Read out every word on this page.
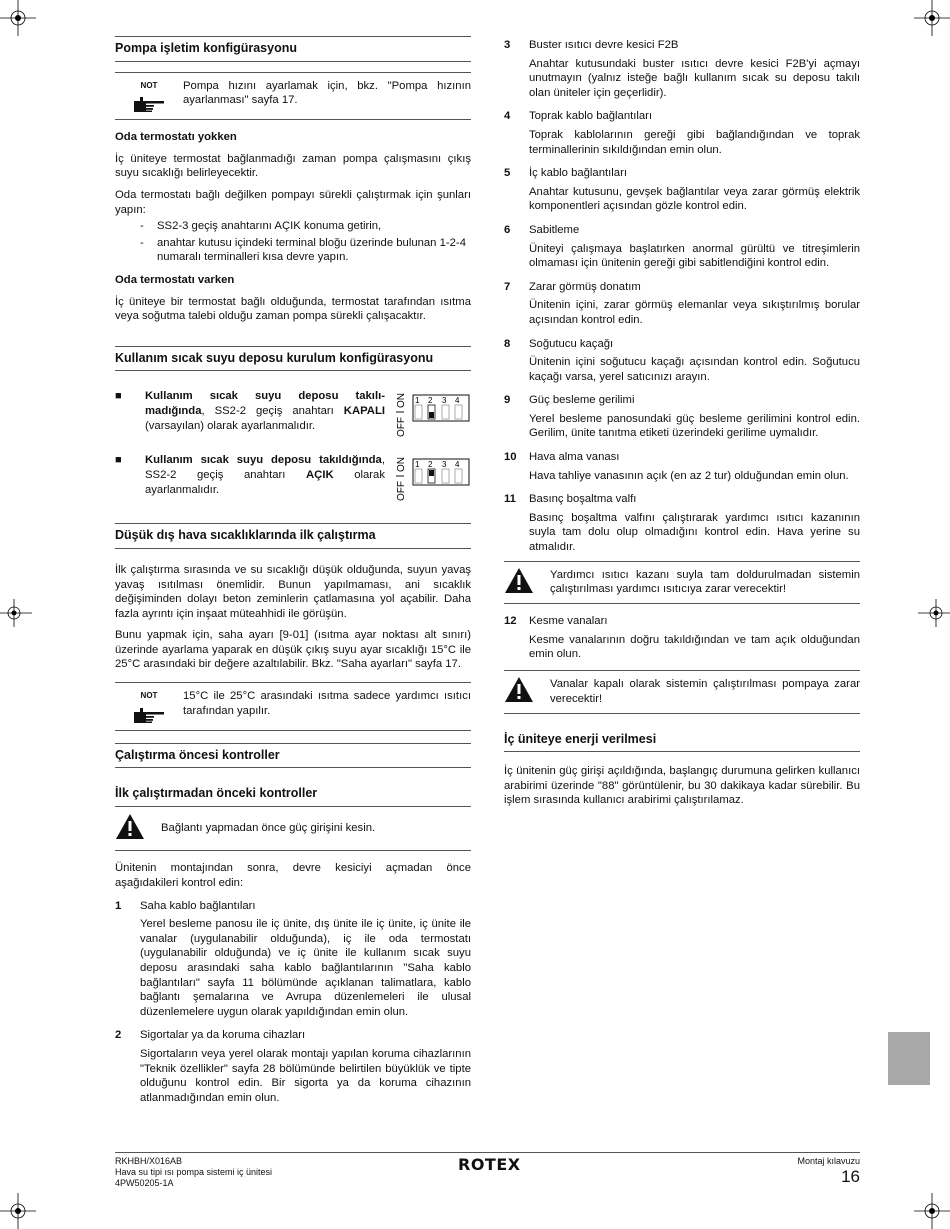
Pompa işletim konfigürasyonu
NOT	Pompa hızını ayarlamak için, bkz. "Pompa hızının ayarlanması" sayfa 17.
Oda termostatı yokken

İç üniteye termostat bağlanmadığı zaman pompa çalışmasını çıkış suyu sıcaklığı belirleyecektir.

Oda termostatı bağlı değilken pompayı sürekli çalıştırmak için şunları yapın:

-	SS2-3 geçiş anahtarını AÇIK konuma getirin,
-	anahtar kutusu içindeki terminal bloğu üzerinde bulunan 1-2-4 numaralı terminalleri kısa devre yapın.
Oda termostatı varken

İç üniteye bir termostat bağlı olduğunda, termostat tarafından ısıtma veya soğutma talebi olduğu zaman pompa sürekli çalışacaktır.

Kullanım sıcak suyu deposu kurulum konfigürasyonu
■	Kullanım sıcak suyu deposu takılı-madığında, SS2-2 geçiş anahtarı KAPALI (varsayılan) olarak ayarlanmalıdır.
ON
OFF
1 2 3 4
■	Kullanım sıcak suyu deposu takıldığında, SS2-2 geçiş anahtarı AÇIK olarak ayarlanmalıdır.
ON
OFF
1 2 3 4
Düşük dış hava sıcaklıklarında ilk çalıştırma

İlk çalıştırma sırasında ve su sıcaklığı düşük olduğunda, suyun yavaş yavaş ısıtılması önemlidir. Bunun yapılmaması, ani sıcaklık değişiminden dolayı beton zeminlerin çatlamasına yol açabilir. Daha fazla ayrıntı için inşaat müteahhidi ile görüşün.

Bunu yapmak için, saha ayarı [9-01] (ısıtma ayar noktası alt sınırı) üzerinde ayarlama yaparak en düşük çıkış suyu ayar sıcaklığı 15°C ile 25°C arasındaki bir değere azaltılabilir. Bkz. "Saha ayarları" sayfa 17.

NOT	15°C ile 25°C arasındaki ısıtma sadece yardımcı ısıtıcı tarafından yapılır.
Çalıştırma öncesi kontroller
İlk çalıştırmadan önceki kontroller
Bağlantı yapmadan önce güç girişini kesin.

Ünitenin montajından sonra, devre kesiciyi açmadan önce aşağıdakileri kontrol edin:

1	Saha kablo bağlantıları
Yerel besleme panosu ile iç ünite, dış ünite ile iç ünite, iç ünite ile vanalar (uygulanabilir olduğunda), iç ile oda termostatı (uygulanabilir olduğunda) ve iç ünite ile kullanım sıcak suyu deposu arasındaki saha kablo bağlantılarının "Saha kablo bağlantıları" sayfa 11 bölümünde açıklanan talimatlara, kablo bağlantı şemalarına ve Avrupa düzenlemeleri ile ulusal düzenlemelere uygun olarak yapıldığından emin olun.
2	Sigortalar ya da koruma cihazları
Sigortaların veya yerel olarak montajı yapılan koruma cihazlarının "Teknik özellikler" sayfa 28 bölümünde belirtilen büyüklük ve tipte olduğunu kontrol edin. Bir sigorta ya da koruma cihazının atlanmadığından emin olun.
3	Buster ısıtıcı devre kesici F2B
Anahtar kutusundaki buster ısıtıcı devre kesici F2B'yi açmayı unutmayın (yalnız isteğe bağlı kullanım sıcak su deposu takılı olan üniteler için geçerlidir).
4	Toprak kablo bağlantıları
Toprak kablolarının gereği gibi bağlandığından ve toprak terminallerinin sıkıldığından emin olun.
5	İç kablo bağlantıları
Anahtar kutusunu, gevşek bağlantılar veya zarar görmüş elektrik komponentleri açısından gözle kontrol edin.
6	Sabitleme
Üniteyi çalışmaya başlatırken anormal gürültü ve titreşimlerin olmaması için ünitenin gereği gibi sabitlendiğini kontrol edin.
7	Zarar görmüş donatım
Ünitenin içini, zarar görmüş elemanlar veya sıkıştırılmış borular açısından kontrol edin.
8	Soğutucu kaçağı
Ünitenin içini soğutucu kaçağı açısından kontrol edin. Soğutucu kaçağı varsa, yerel satıcınızı arayın.
9	Güç besleme gerilimi
Yerel besleme panosundaki güç besleme gerilimini kontrol edin. Gerilim, ünite tanıtma etiketi üzerindeki gerilime uymalıdır.
10	Hava alma vanası
Hava tahliye vanasının açık (en az 2 tur) olduğundan emin olun.
11	Basınç boşaltma valfı
Basınç boşaltma valfını çalıştırarak yardımcı ısıtıcı kazanının suyla tam dolu olup olmadığını kontrol edin. Hava yerine su atmalıdır.
Yardımcı ısıtıcı kazanı suyla tam doldurulmadan sistemin çalıştırılması yardımcı ısıtıcıya zarar verecektir!
12	Kesme vanaları
Kesme vanalarının doğru takıldığından ve tam açık olduğundan emin olun.
Vanalar kapalı olarak sistemin çalıştırılması pompaya zarar verecektir!
İç üniteye enerji verilmesi

İç ünitenin güç girişi açıldığında, başlangıç durumuna gelirken kullanıcı arabirimi üzerinde "88" görüntülenir, bu 30 dakikaya kadar sürebilir. Bu işlem sırasında kullanıcı arabirimi çalıştırılamaz.

RKHBH/X016AB
Hava su tipi ısı pompa sistemi iç ünitesi
4PW50205-1A
ROTEX	Montaj kılavuzu
16
